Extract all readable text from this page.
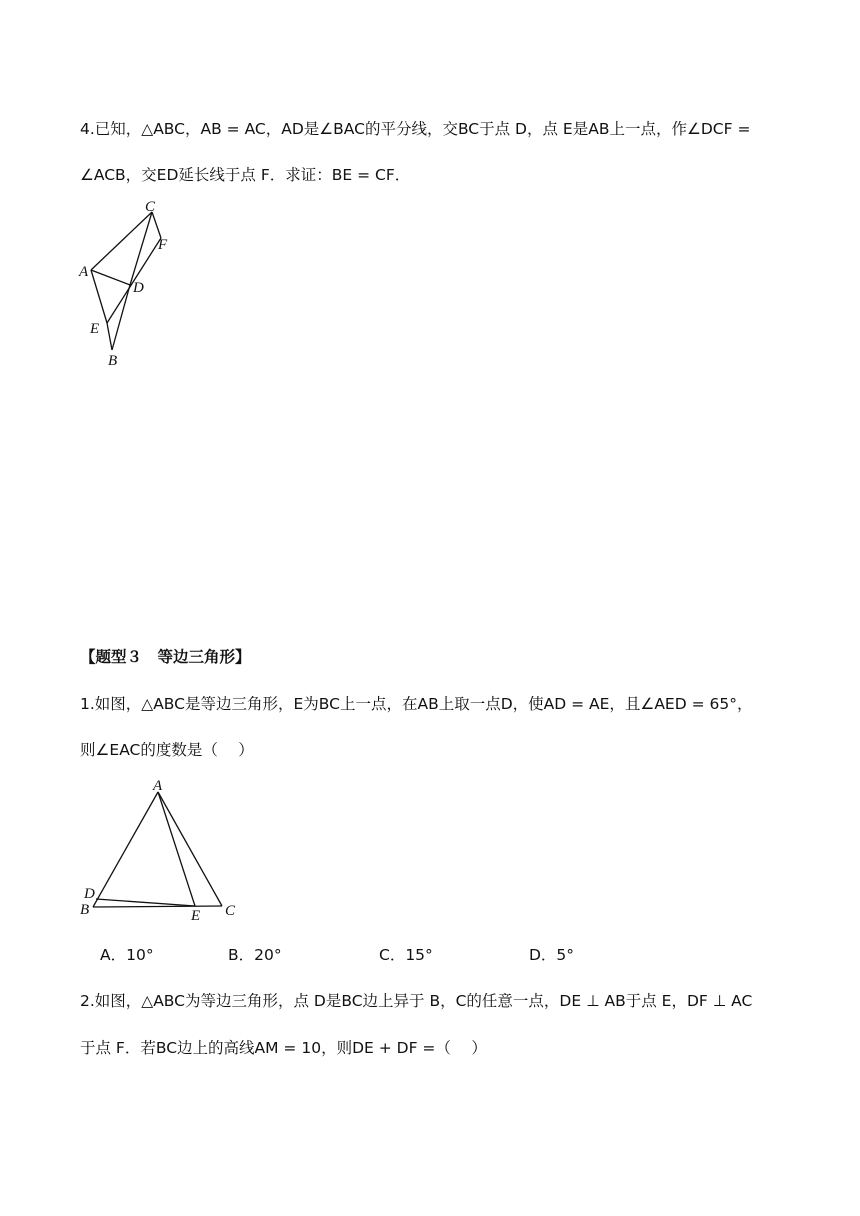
4.已知，△ABC，AB = AC，AD是∠BAC的平分线，交BC于点 D，点 E是AB上一点，作∠DCF =
∠ACB，交ED延长线于点 F．求证：BE = CF．
C
F
A
D
E
B
【题型３　等边三角形】
1.如图，△ABC是等边三角形，E为BC上一点，在AB上取一点D，使AD = AE，且∠AED = 65°，
则∠EAC的度数是（　 ）
A
D
B	E C
A．10°	B．20°	C．15°	D．5°
2.如图，△ABC为等边三角形，点 D是BC边上异于 B，C的任意一点，DE ⊥ AB于点 E，DF ⊥ AC
于点 F．若BC边上的高线AM = 10，则DE + DF =（　 ）
